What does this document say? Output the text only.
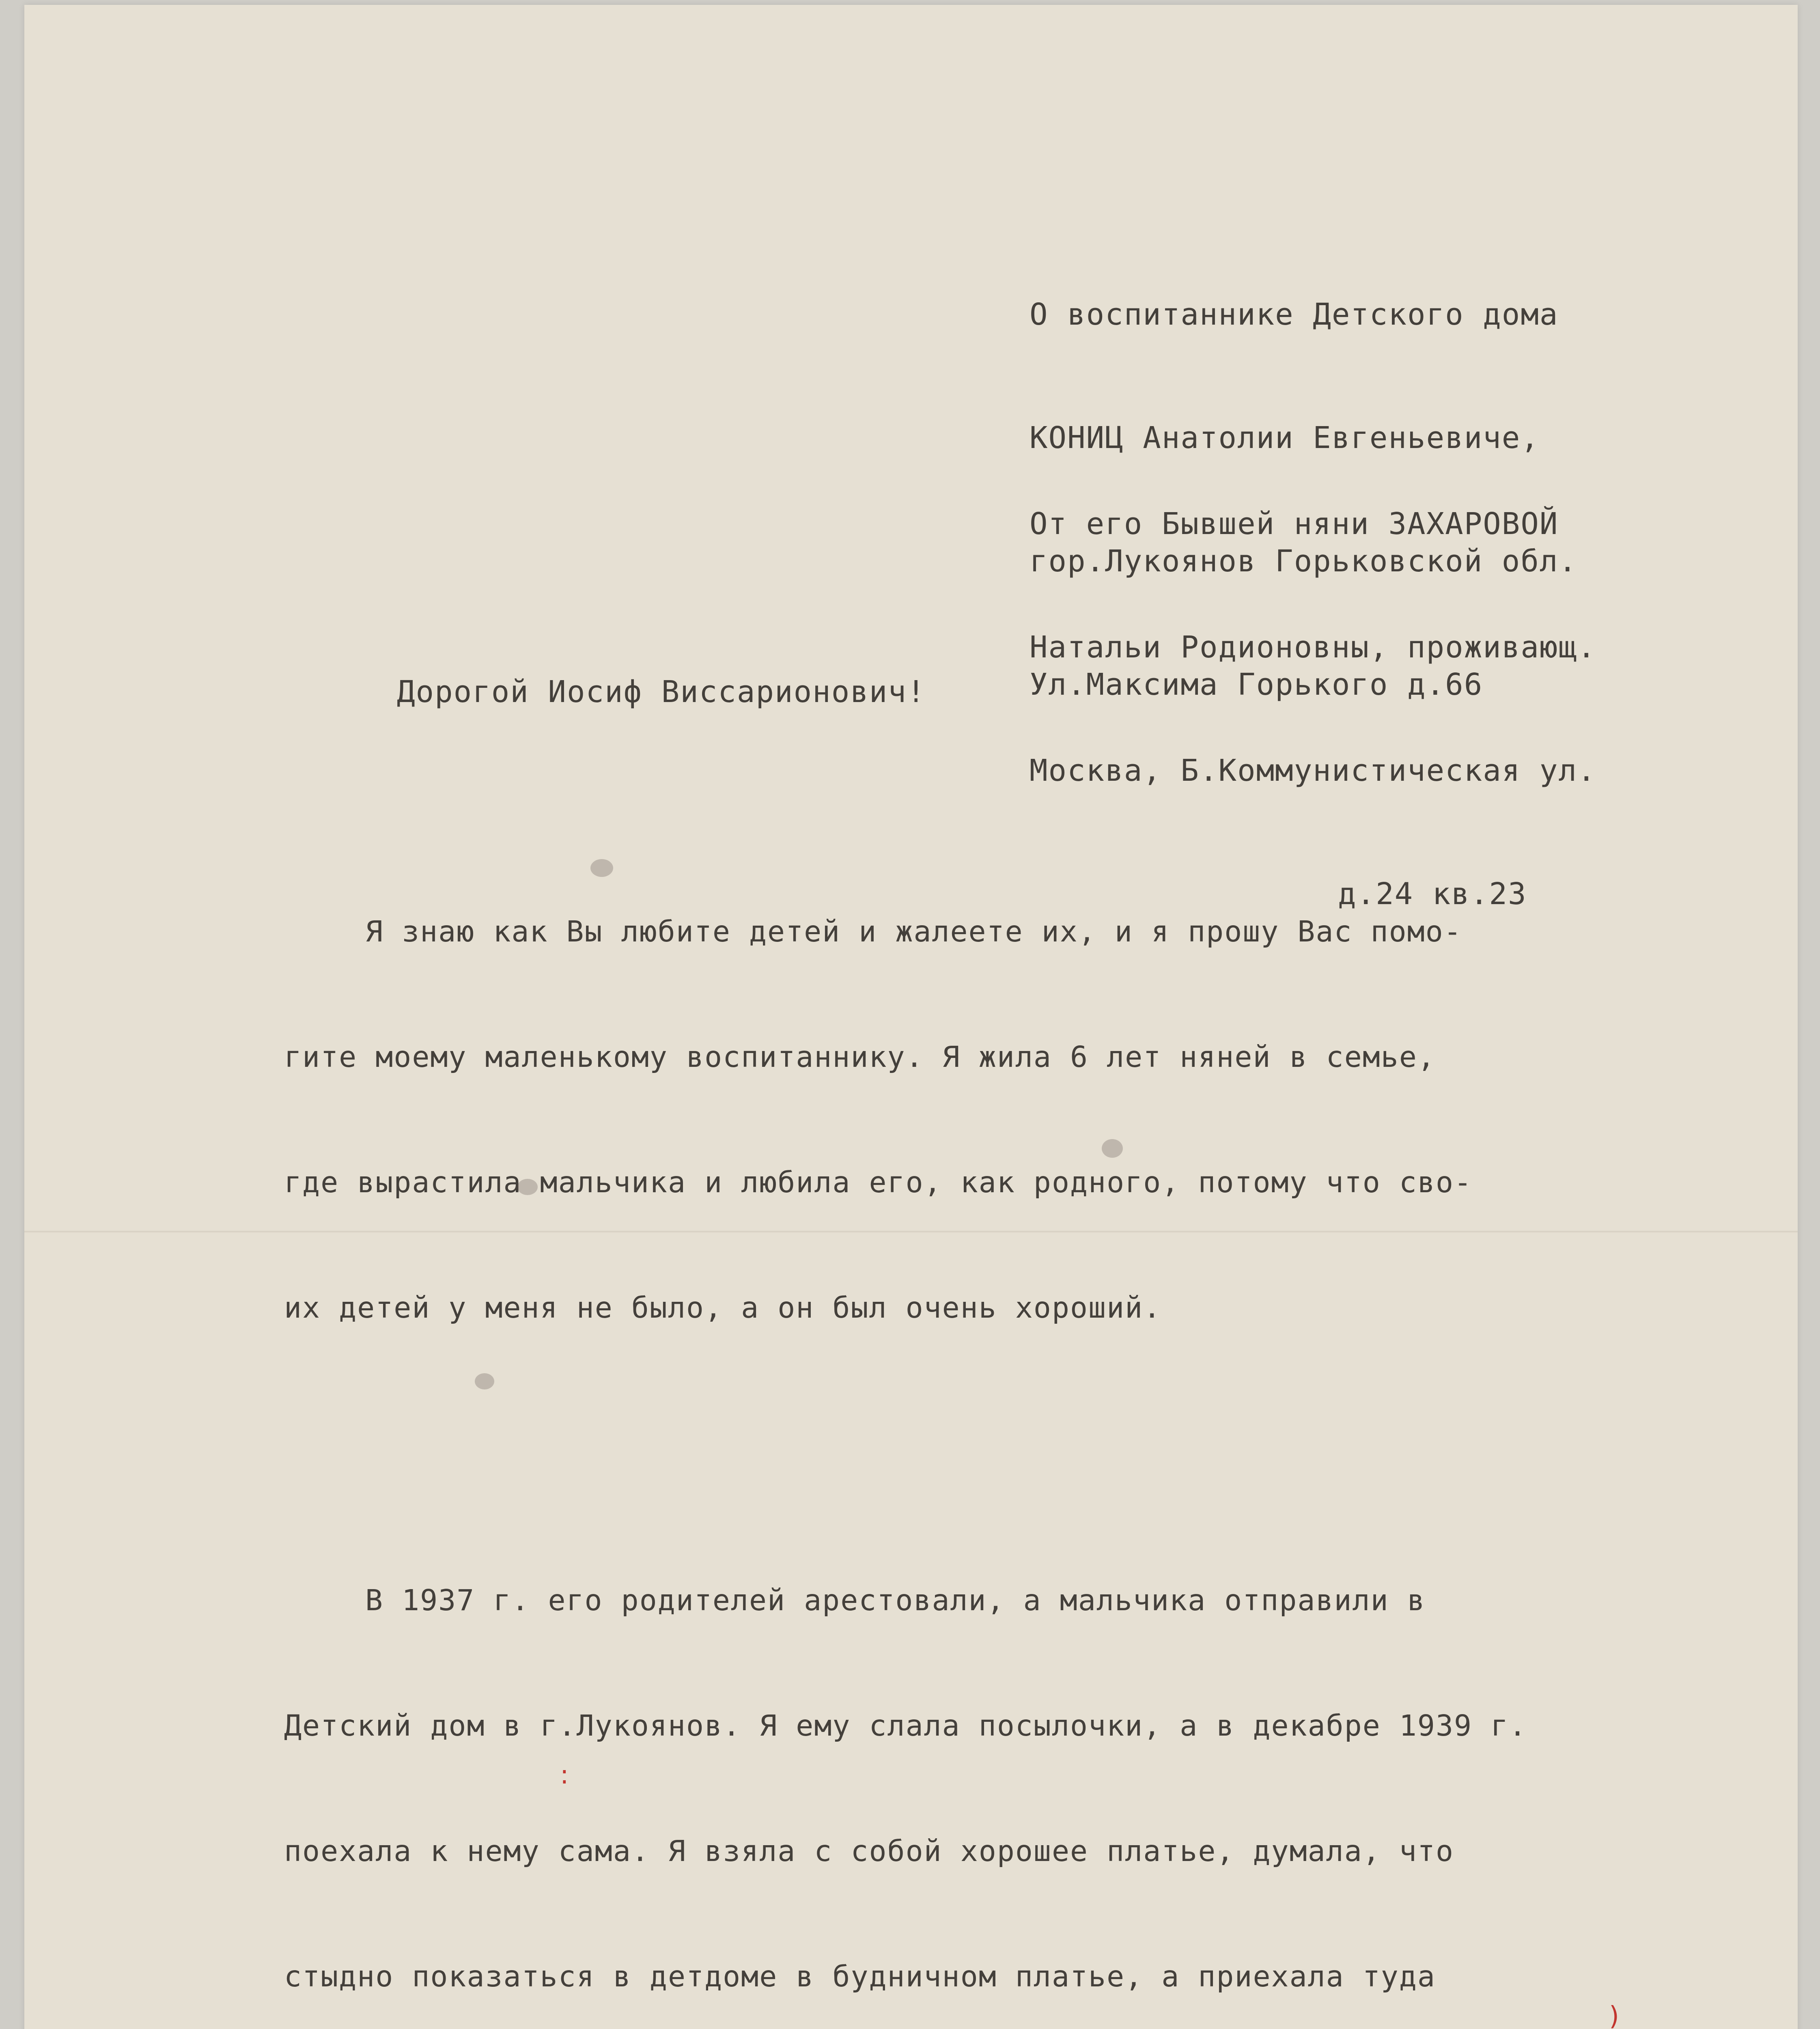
О воспитаннике Детского дома

КОНИЦ Анатолии Евгеньевиче,

гор.Лукоянов Горьковской обл.

Ул.Максима Горького д.66

От его Бывшей няни ЗАХАРОВОЙ

Натальи Родионовны, проживающ.

Москва, Б.Коммунистическая ул.

д.24 кв.23

Дорогой Иосиф Виссарионович!

Я знаю как Вы любите детей и жалеете их, и я прошу Вас помо-

гите моему маленькому воспитаннику. Я жила 6 лет няней в семье,

где вырастила мальчика и любила его, как родного, потому что сво-

их детей у меня не было, а он был очень хороший.

В 1937 г. его родителей арестовали, а мальчика отправили в

Детский дом в г.Лукоянов. Я ему слала посылочки, а в декабре 1939 г.

поехала к нему сама. Я взяла с собой хорошее платье, думала, что

стыдно показаться в детдоме в будничном платье, а приехала туда

:
)
